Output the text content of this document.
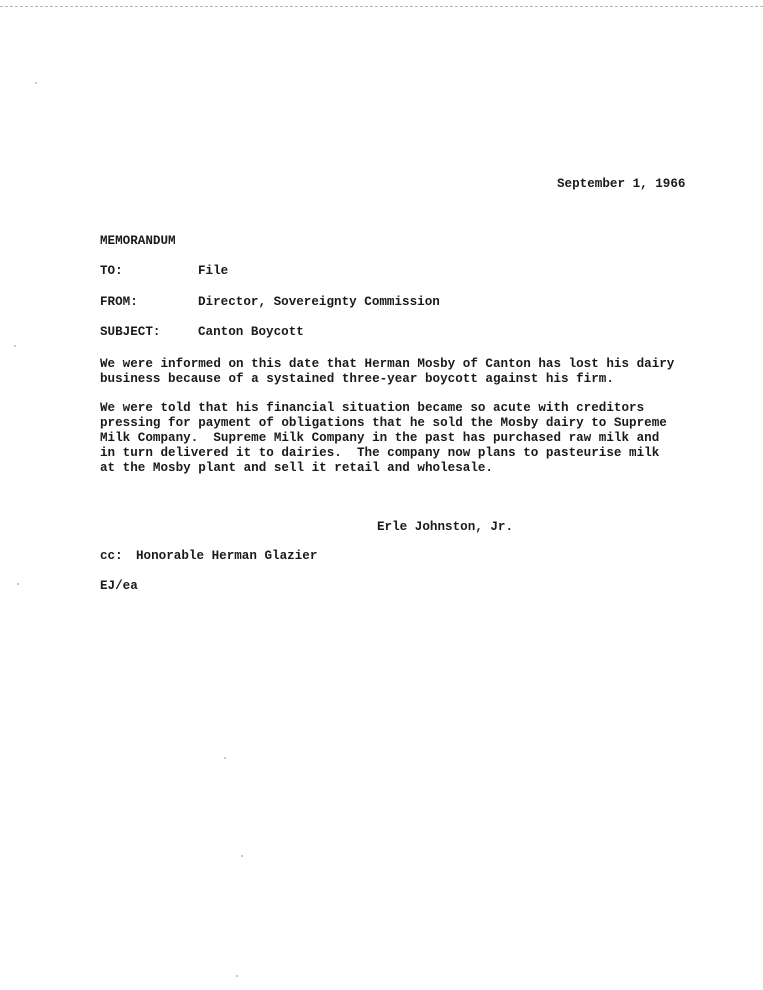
September 1, 1966
MEMORANDUM
TO:	File
FROM:	Director, Sovereignty Commission
SUBJECT:	Canton Boycott
We were informed on this date that Herman Mosby of Canton has lost his dairy
business because of a systained three-year boycott against his firm.
We were told that his financial situation became so acute with creditors
pressing for payment of obligations that he sold the Mosby dairy to Supreme
Milk Company.  Supreme Milk Company in the past has purchased raw milk and
in turn delivered it to dairies.  The company now plans to pasteurise milk
at the Mosby plant and sell it retail and wholesale.
Erle Johnston, Jr.
cc: Honorable Herman Glazier
EJ/ea
